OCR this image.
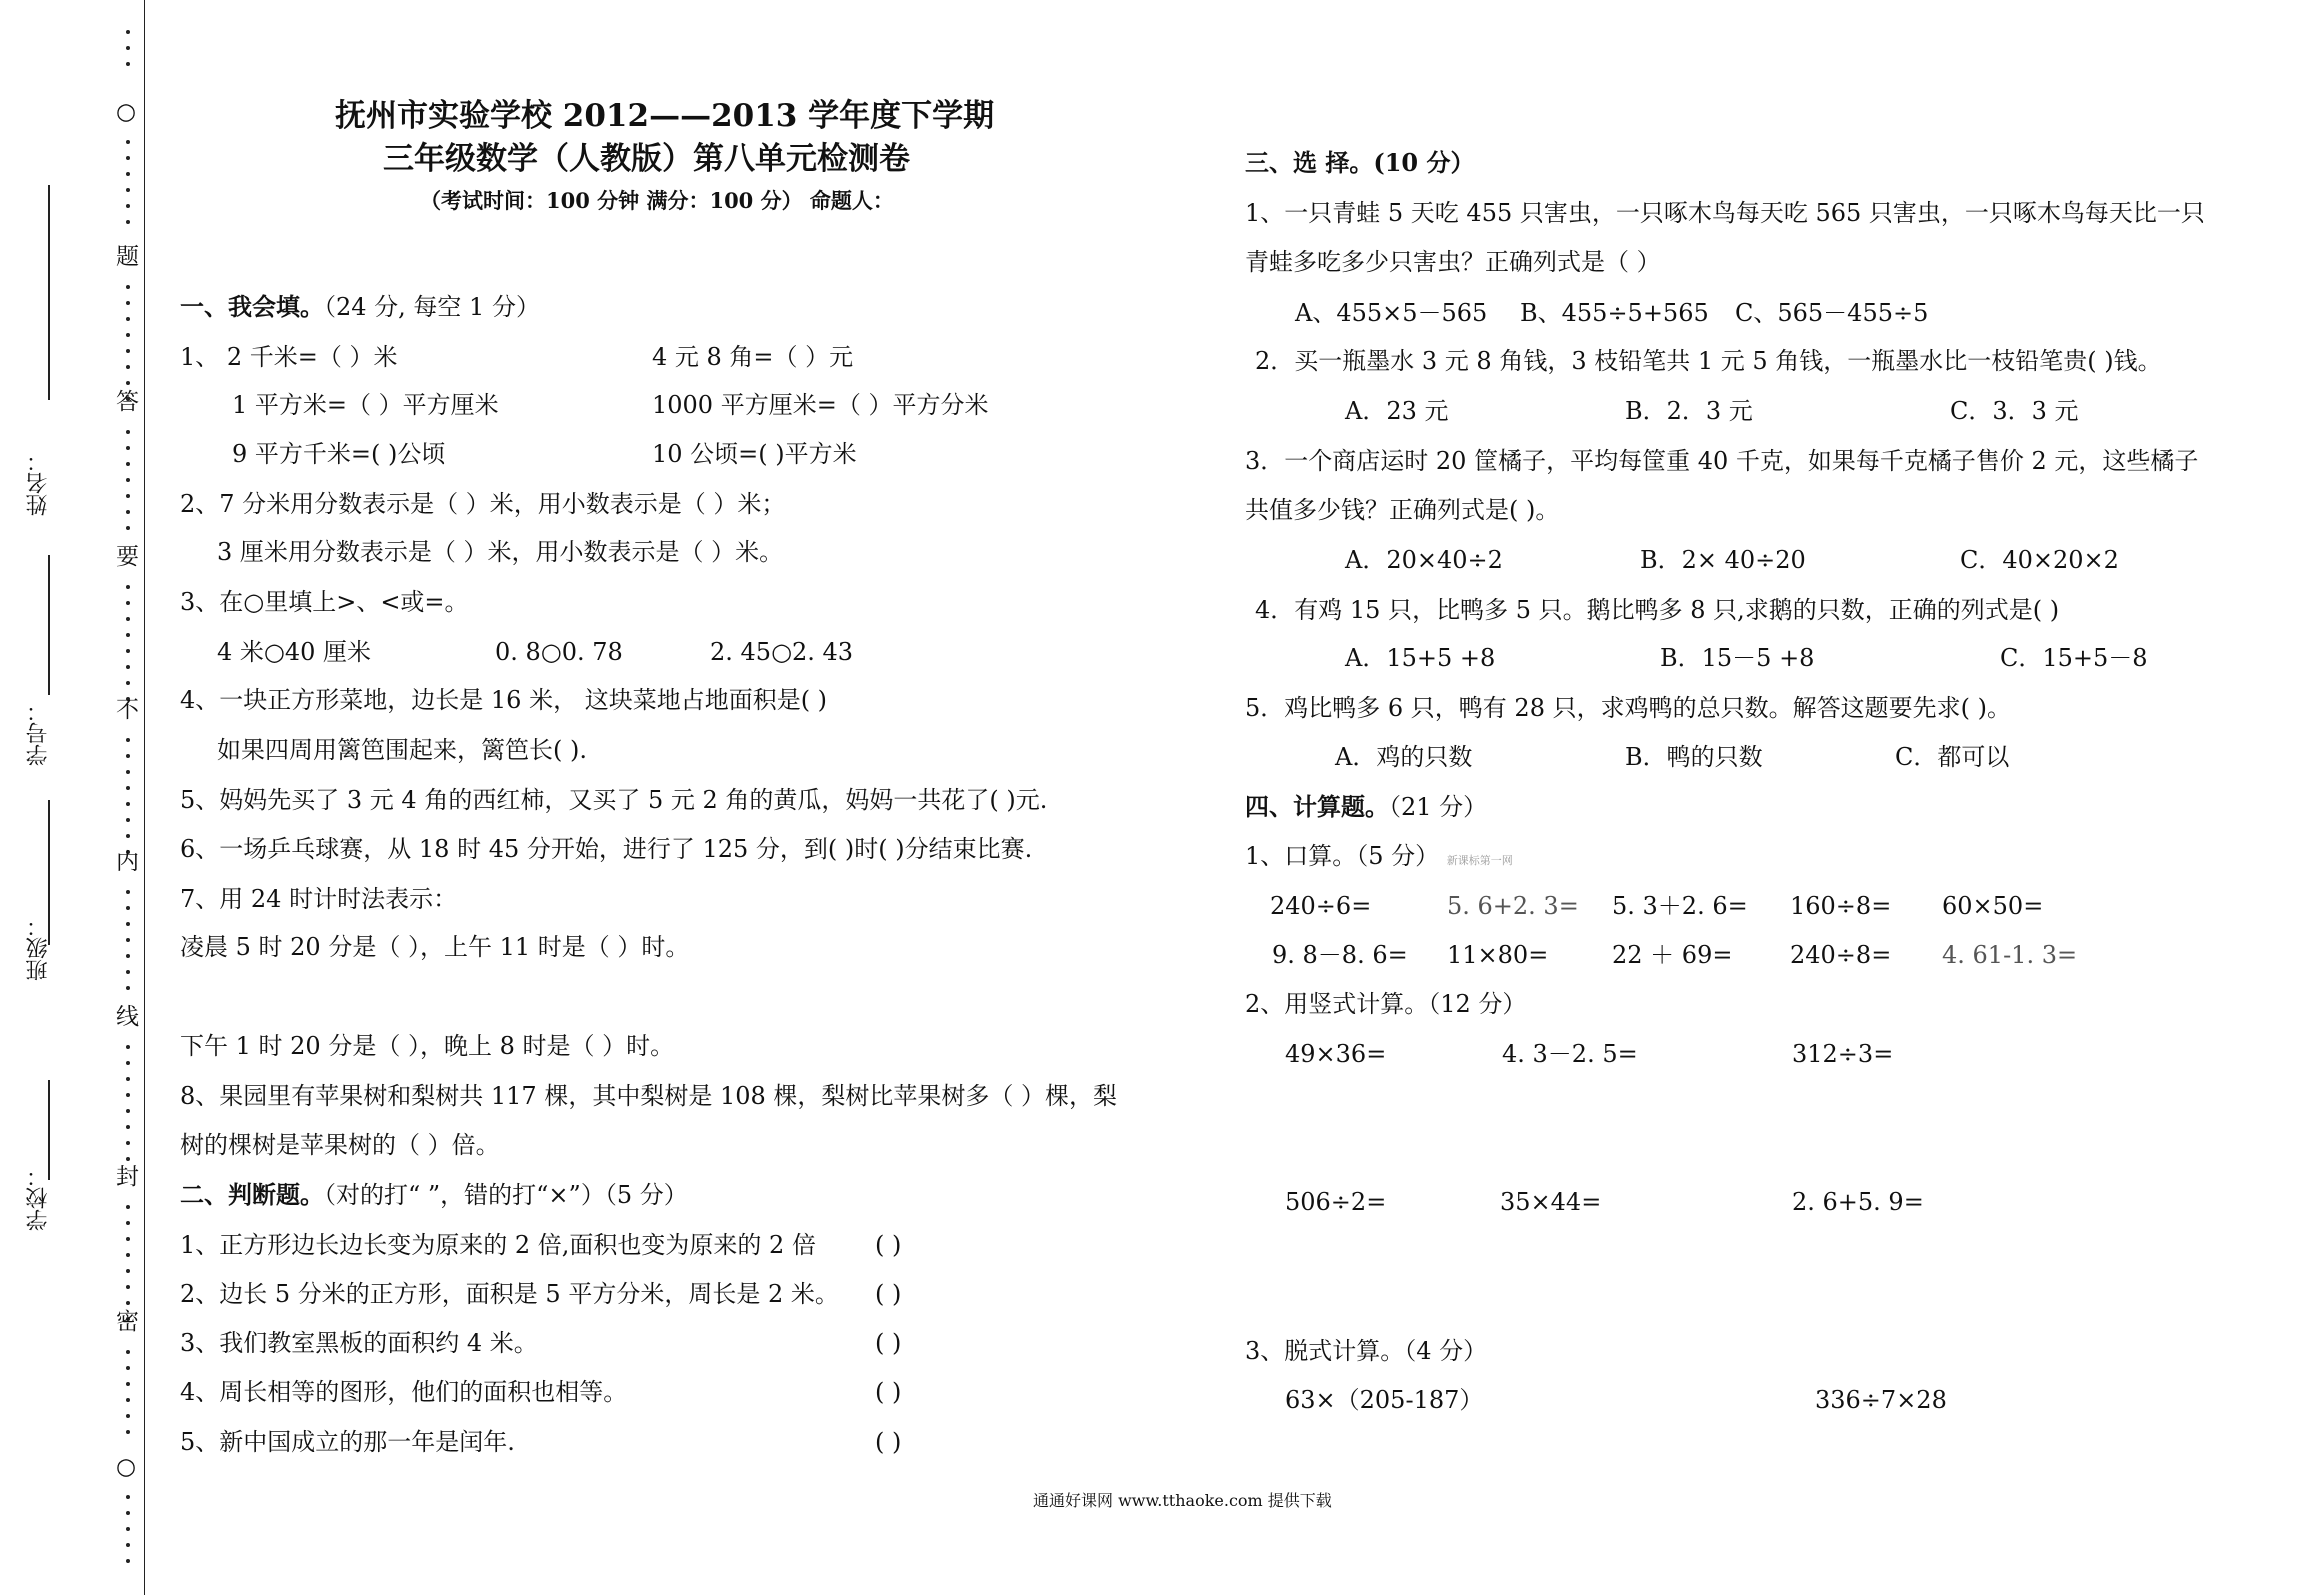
○
题
答
要
不
内
线
封
密
○
姓名：
学号：
班级：
学校：
抚州市实验学校 2012——2013 学年度下学期
三年级数学（人教版）第八单元检测卷
（考试时间：100 分钟 满分：100 分） 命题人：
一、我会填。（24 分, 每空 1 分）
1、 2 千米=（ ）米	4 元 8 角=（ ）元
1 平方米=（ ）平方厘米	1000 平方厘米=（ ）平方分米
9 平方千米=( )公顷	10 公顷=( )平方米
2、7 分米用分数表示是（ ）米，用小数表示是（ ）米；
3 厘米用分数表示是（ ）米，用小数表示是（ ）米。
3、在○里填上>、<或=。
4 米○40 厘米	0. 8○0. 78	2. 45○2. 43
4、一块正方形菜地，边长是 16 米， 这块菜地占地面积是( )
如果四周用篱笆围起来，篱笆长( ).
5、妈妈先买了 3 元 4 角的西红柿，又买了 5 元 2 角的黄瓜，妈妈一共花了( )元.
6、一场乒乓球赛，从 18 时 45 分开始，进行了 125 分，到( )时( )分结束比赛.
7、用 24 时计时法表示：
凌晨 5 时 20 分是（ ），上午 11 时是（ ）时。
下午 1 时 20 分是（ ），晚上 8 时是（ ）时。
8、果园里有苹果树和梨树共 117 棵，其中梨树是 108 棵，梨树比苹果树多（ ）棵，梨
树的棵树是苹果树的（ ）倍。
二、判断题。（对的打“ ”，错的打“×”）（5 分）
1、正方形边长边长变为原来的 2 倍,面积也变为原来的 2 倍 ( )
2、边长 5 分米的正方形，面积是 5 平方分米，周长是 2 米。 ( )
3、我们教室黑板的面积约 4 米。	( )
4、周长相等的图形，他们的面积也相等。	( )
5、新中国成立的那一年是闰年.	( )
三、选 择。(10 分）
1、一只青蛙 5 天吃 455 只害虫，一只啄木鸟每天吃 565 只害虫，一只啄木鸟每天比一只
青蛙多吃多少只害虫？正确列式是（ ）
A、455×5－565 B、455÷5+565 C、565－455÷5
2．买一瓶墨水 3 元 8 角钱，3 枝铅笔共 1 元 5 角钱，一瓶墨水比一枝铅笔贵( )钱。
A．23 元	B．2．3 元	C．3．3 元
3．一个商店运时 20 筐橘子，平均每筐重 40 千克，如果每千克橘子售价 2 元，这些橘子
共值多少钱？正确列式是( )。
A．20×40÷2	B．2× 40÷20	C．40×20×2
4．有鸡 15 只，比鸭多 5 只。鹅比鸭多 8 只,求鹅的只数，正确的列式是( )
A．15+5 +8	B．15－5 +8	C．15+5－8
5．鸡比鸭多 6 只，鸭有 28 只，求鸡鸭的总只数。解答这题要先求( )。
A．鸡的只数	B．鸭的只数	C．都可以
四、计算题。（21 分）
1、口算。（5 分） 新课标第一网
240÷6=	5. 6+2. 3= 5. 3＋2. 6= 160÷8= 60×50=
9. 8－8. 6= 11×80=	22 ＋ 69= 240÷8= 4. 61-1. 3=
2、用竖式计算。（12 分）
49×36=	4. 3－2. 5=	312÷3=
506÷2=	35×44=	2. 6+5. 9=
3、脱式计算。（4 分）
63×（205-187）	336÷7×28
通通好课网 www.tthaoke.com 提供下载
